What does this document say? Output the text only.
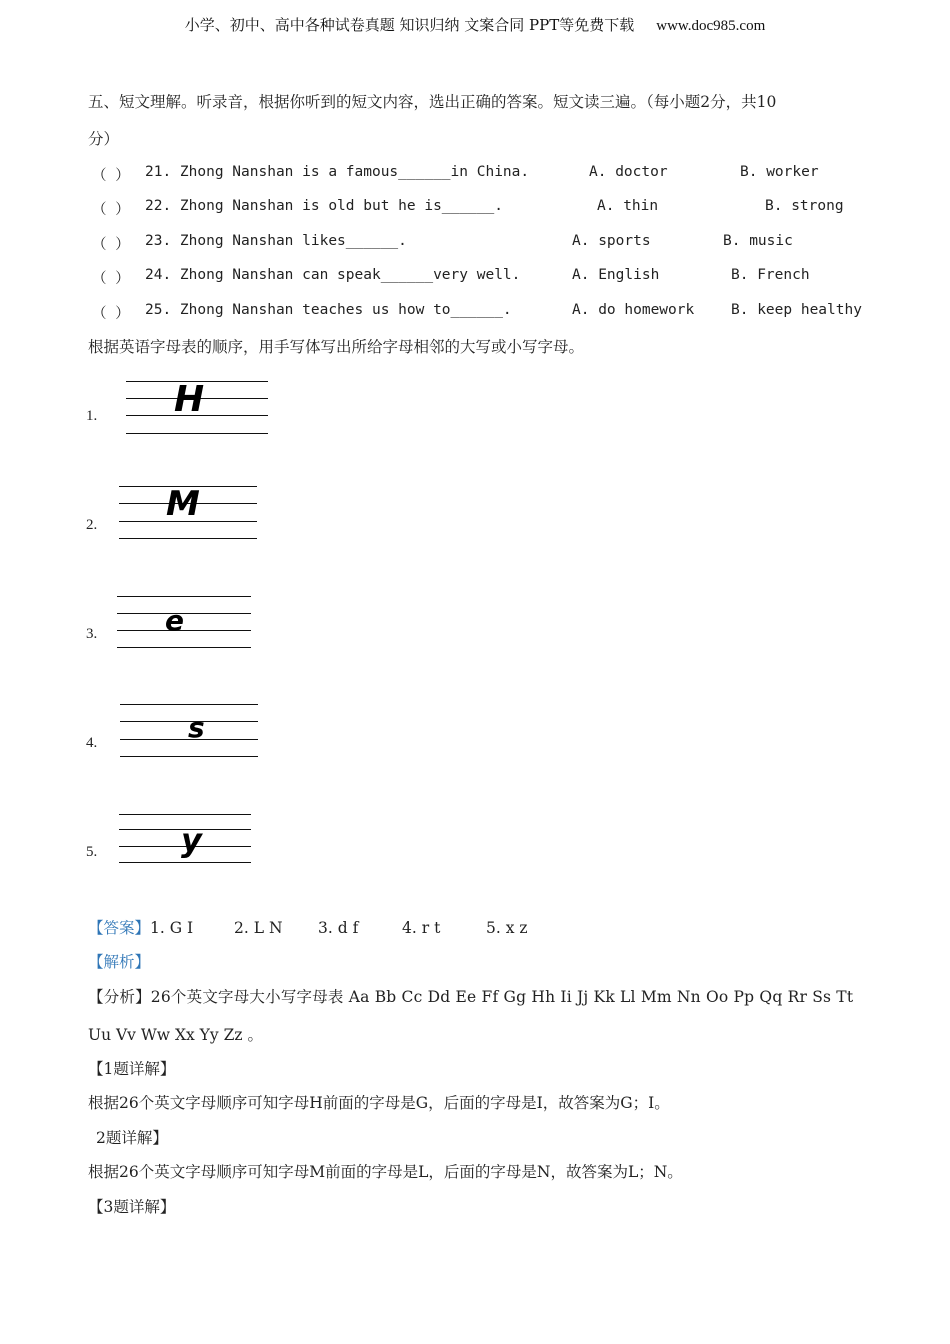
小学、初中、高中各种试卷真题 知识归纳 文案合同 PPT等免费下载 www.doc985.com
五、短文理解。听录音，根据你听到的短文内容，选出正确的答案。短文读三遍。（每小题2分，共10
分）
（ ） 21. Zhong Nanshan is a famous______in China.	A. doctor	B. worker
（ ） 22. Zhong Nanshan is old but he is______.	A. thin	B. strong
（ ） 23. Zhong Nanshan likes______.	A. sports	B. music
（ ） 24. Zhong Nanshan can speak______very well.	A. English	B. French
（ ） 25. Zhong Nanshan teaches us how to______.	A. do homework	B. keep healthy
根据英语字母表的顺序，用手写体写出所给字母相邻的大写或小写字母。
1. H
2.
M
3. e
4.	s
5.	y
【答案】1. G I	2. L N 3. d f	4. r t	5. x z
【解析】
【分析】26个英文字母大小写字母表 Aa Bb Cc Dd Ee Ff Gg Hh Ii Jj Kk Ll Mm Nn Oo Pp Qq Rr Ss Tt
Uu Vv Ww Xx Yy Zz 。
【1题详解】
根据26个英文字母顺序可知字母H前面的字母是G，后面的字母是I，故答案为G；I。
2题详解】
根据26个英文字母顺序可知字母M前面的字母是L，后面的字母是N，故答案为L；N。
【3题详解】
